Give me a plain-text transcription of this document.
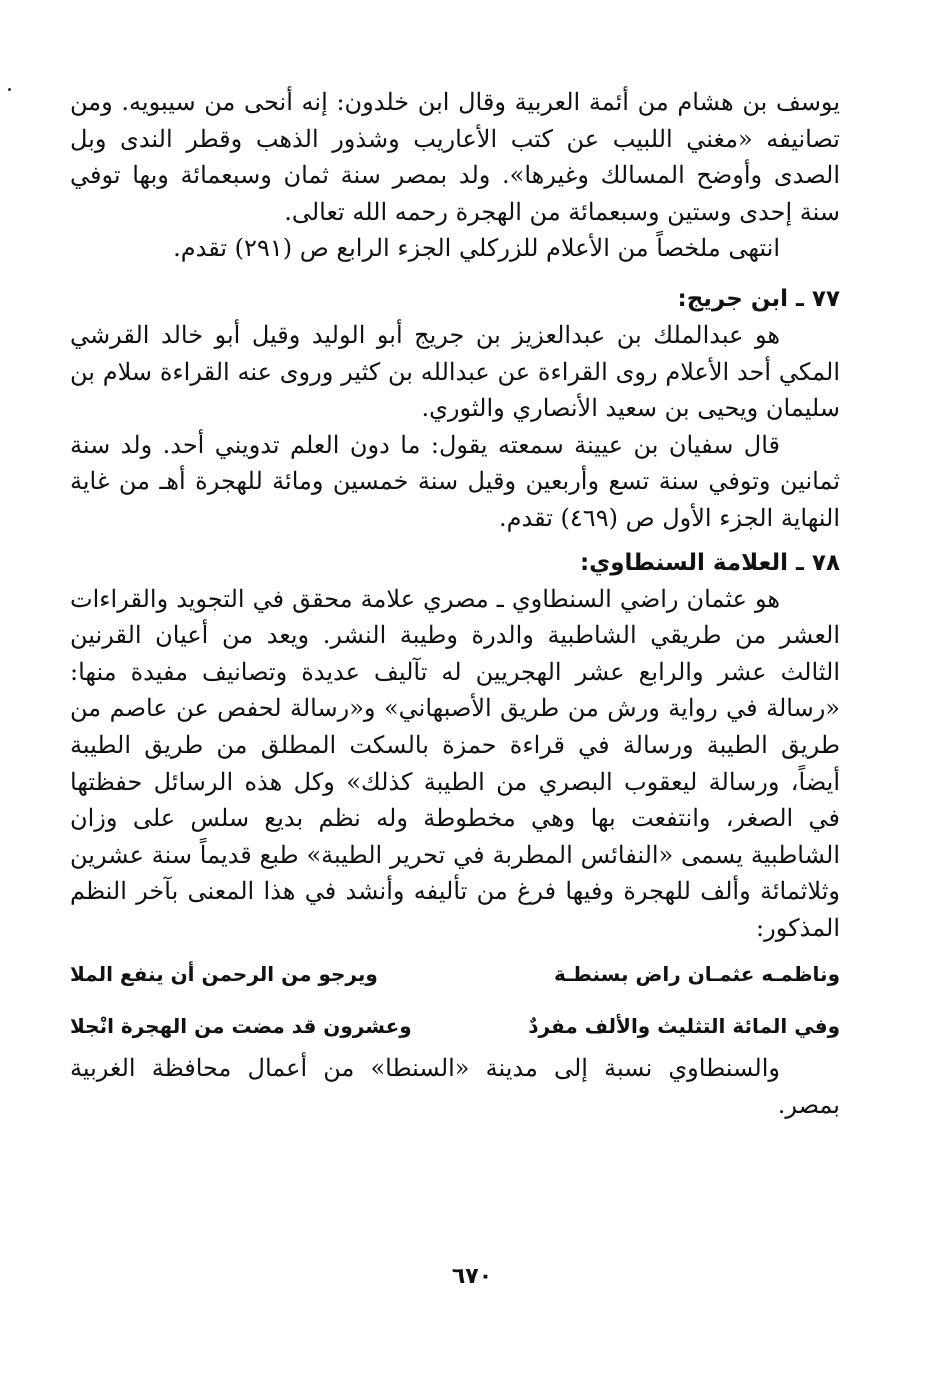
يوسف بن هشام من أئمة العربية وقال ابن خلدون: إنه أنحى من سيبويه. ومن تصانيفه «مغني اللبيب عن كتب الأعاريب وشذور الذهب وقطر الندى وبل الصدى وأوضح المسالك وغيرها». ولد بمصر سنة ثمان وسبعمائة وبها توفي سنة إحدى وستين وسبعمائة من الهجرة رحمه الله تعالى.

انتهى ملخصاً من الأعلام للزركلي الجزء الرابع ص (٢٩١) تقدم.

٧٧ ـ ابن جريج:

هو عبدالملك بن عبدالعزيز بن جريج أبو الوليد وقيل أبو خالد القرشي المكي أحد الأعلام روى القراءة عن عبدالله بن كثير وروى عنه القراءة سلام بن سليمان ويحيى بن سعيد الأنصاري والثوري.

قال سفيان بن عيينة سمعته يقول: ما دون العلم تدويني أحد. ولد سنة ثمانين وتوفي سنة تسع وأربعين وقيل سنة خمسين ومائة للهجرة أهـ من غاية النهاية الجزء الأول ص (٤٦٩) تقدم.

٧٨ ـ العلامة السنطاوي:

هو عثمان راضي السنطاوي ـ مصري علامة محقق في التجويد والقراءات العشر من طريقي الشاطبية والدرة وطيبة النشر. ويعد من أعيان القرنين الثالث عشر والرابع عشر الهجريين له تآليف عديدة وتصانيف مفيدة منها: «رسالة في رواية ورش من طريق الأصبهاني» و«رسالة لحفص عن عاصم من طريق الطيبة ورسالة في قراءة حمزة بالسكت المطلق من طريق الطيبة أيضاً، ورسالة ليعقوب البصري من الطيبة كذلك» وكل هذه الرسائل حفظتها في الصغر، وانتفعت بها وهي مخطوطة وله نظم بديع سلس على وزان الشاطبية يسمى «النفائس المطربة في تحرير الطيبة» طبع قديماً سنة عشرين وثلاثمائة وألف للهجرة وفيها فرغ من تأليفه وأنشد في هذا المعنى بآخر النظم المذكور:

وناظمـه عثمـان راض بسنطـة
ويرجو من الرحمن أن ينفع الملا
وفي المائة التثليث والألف مفردٌ
وعشرون قد مضت من الهجرة انْجلا

والسنطاوي نسبة إلى مدينة «السنطا» من أعمال محافظة الغربية بمصر.

٦٧٠
